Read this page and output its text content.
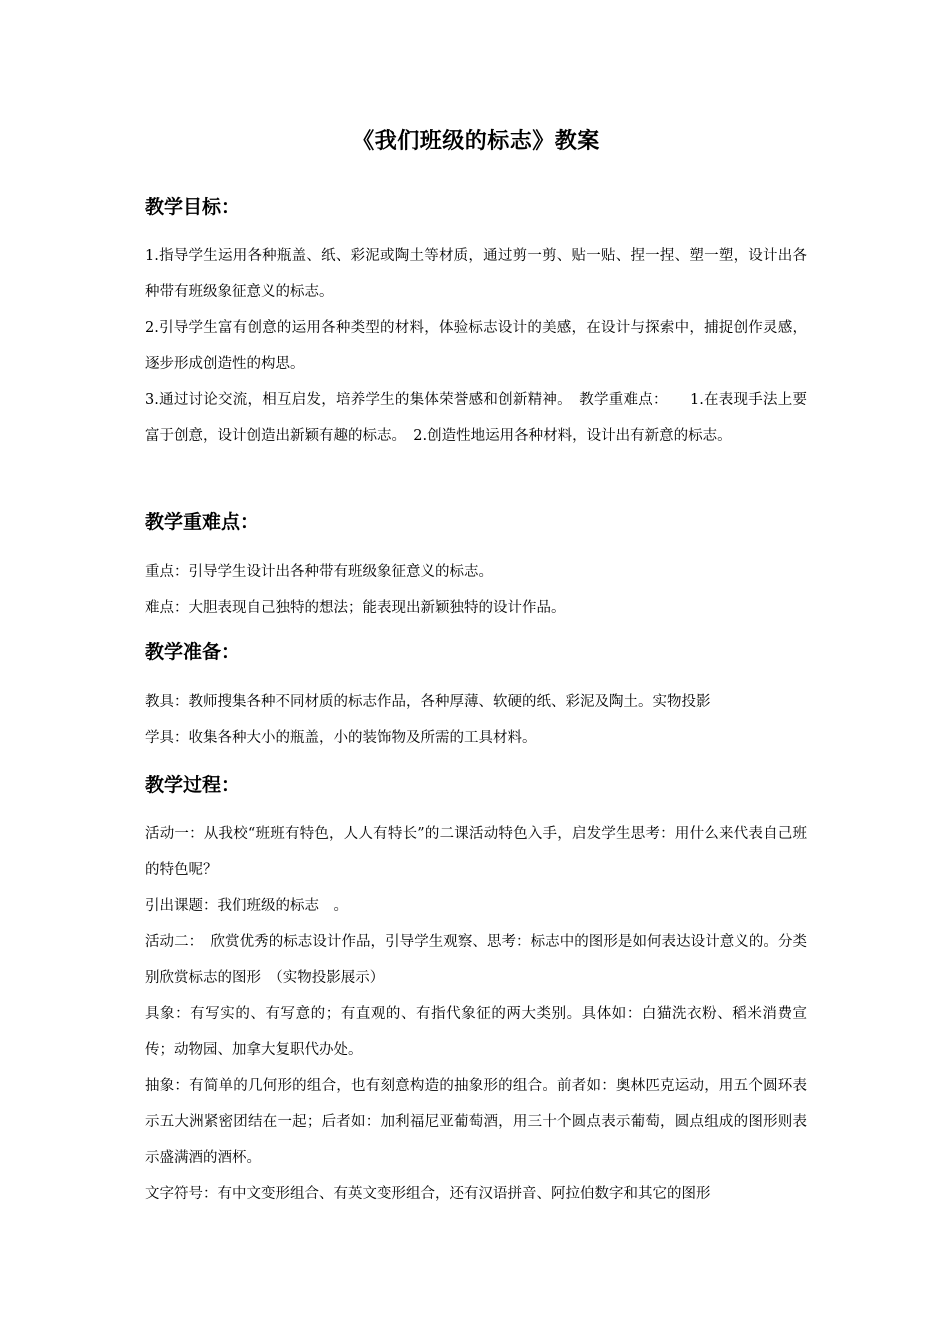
《我们班级的标志》教案
教学目标：

1.指导学生运用各种瓶盖、纸、彩泥或陶土等材质，通过剪一剪、贴一贴、捏一捏、塑一塑，设计出各种带有班级象征意义的标志。

2.引导学生富有创意的运用各种类型的材料，体验标志设计的美感，在设计与探索中，捕捉创作灵感，逐步形成创造性的构思。

3.通过讨论交流，相互启发，培养学生的集体荣誉感和创新精神。　教学重难点：　　1.在表现手法上要富于创意，设计创造出新颖有趣的标志。　2.创造性地运用各种材料，设计出有新意的标志。

教学重难点：

重点：引导学生设计出各种带有班级象征意义的标志。

难点：大胆表现自己独特的想法；能表现出新颖独特的设计作品。

教学准备：

教具：教师搜集各种不同材质的标志作品，各种厚薄、软硬的纸、彩泥及陶土。实物投影

学具：收集各种大小的瓶盖，小的装饰物及所需的工具材料。

教学过程：

活动一：从我校“班班有特色，人人有特长”的二课活动特色入手，启发学生思考：用什么来代表自己班的特色呢？

引出课题：我们班级的标志　。

活动二：　欣赏优秀的标志设计作品，引导学生观察、思考：标志中的图形是如何表达设计意义的。分类别欣赏标志的图形　（实物投影展示）

具象：有写实的、有写意的；有直观的、有指代象征的两大类别。具体如：白猫洗衣粉、稻米消费宣传；动物园、加拿大复职代办处。

抽象：有简单的几何形的组合，也有刻意构造的抽象形的组合。前者如：奥林匹克运动，用五个圆环表示五大洲紧密团结在一起；后者如：加利福尼亚葡萄酒，用三十个圆点表示葡萄，圆点组成的图形则表示盛满酒的酒杯。

文字符号：有中文变形组合、有英文变形组合，还有汉语拼音、阿拉伯数字和其它的图形
